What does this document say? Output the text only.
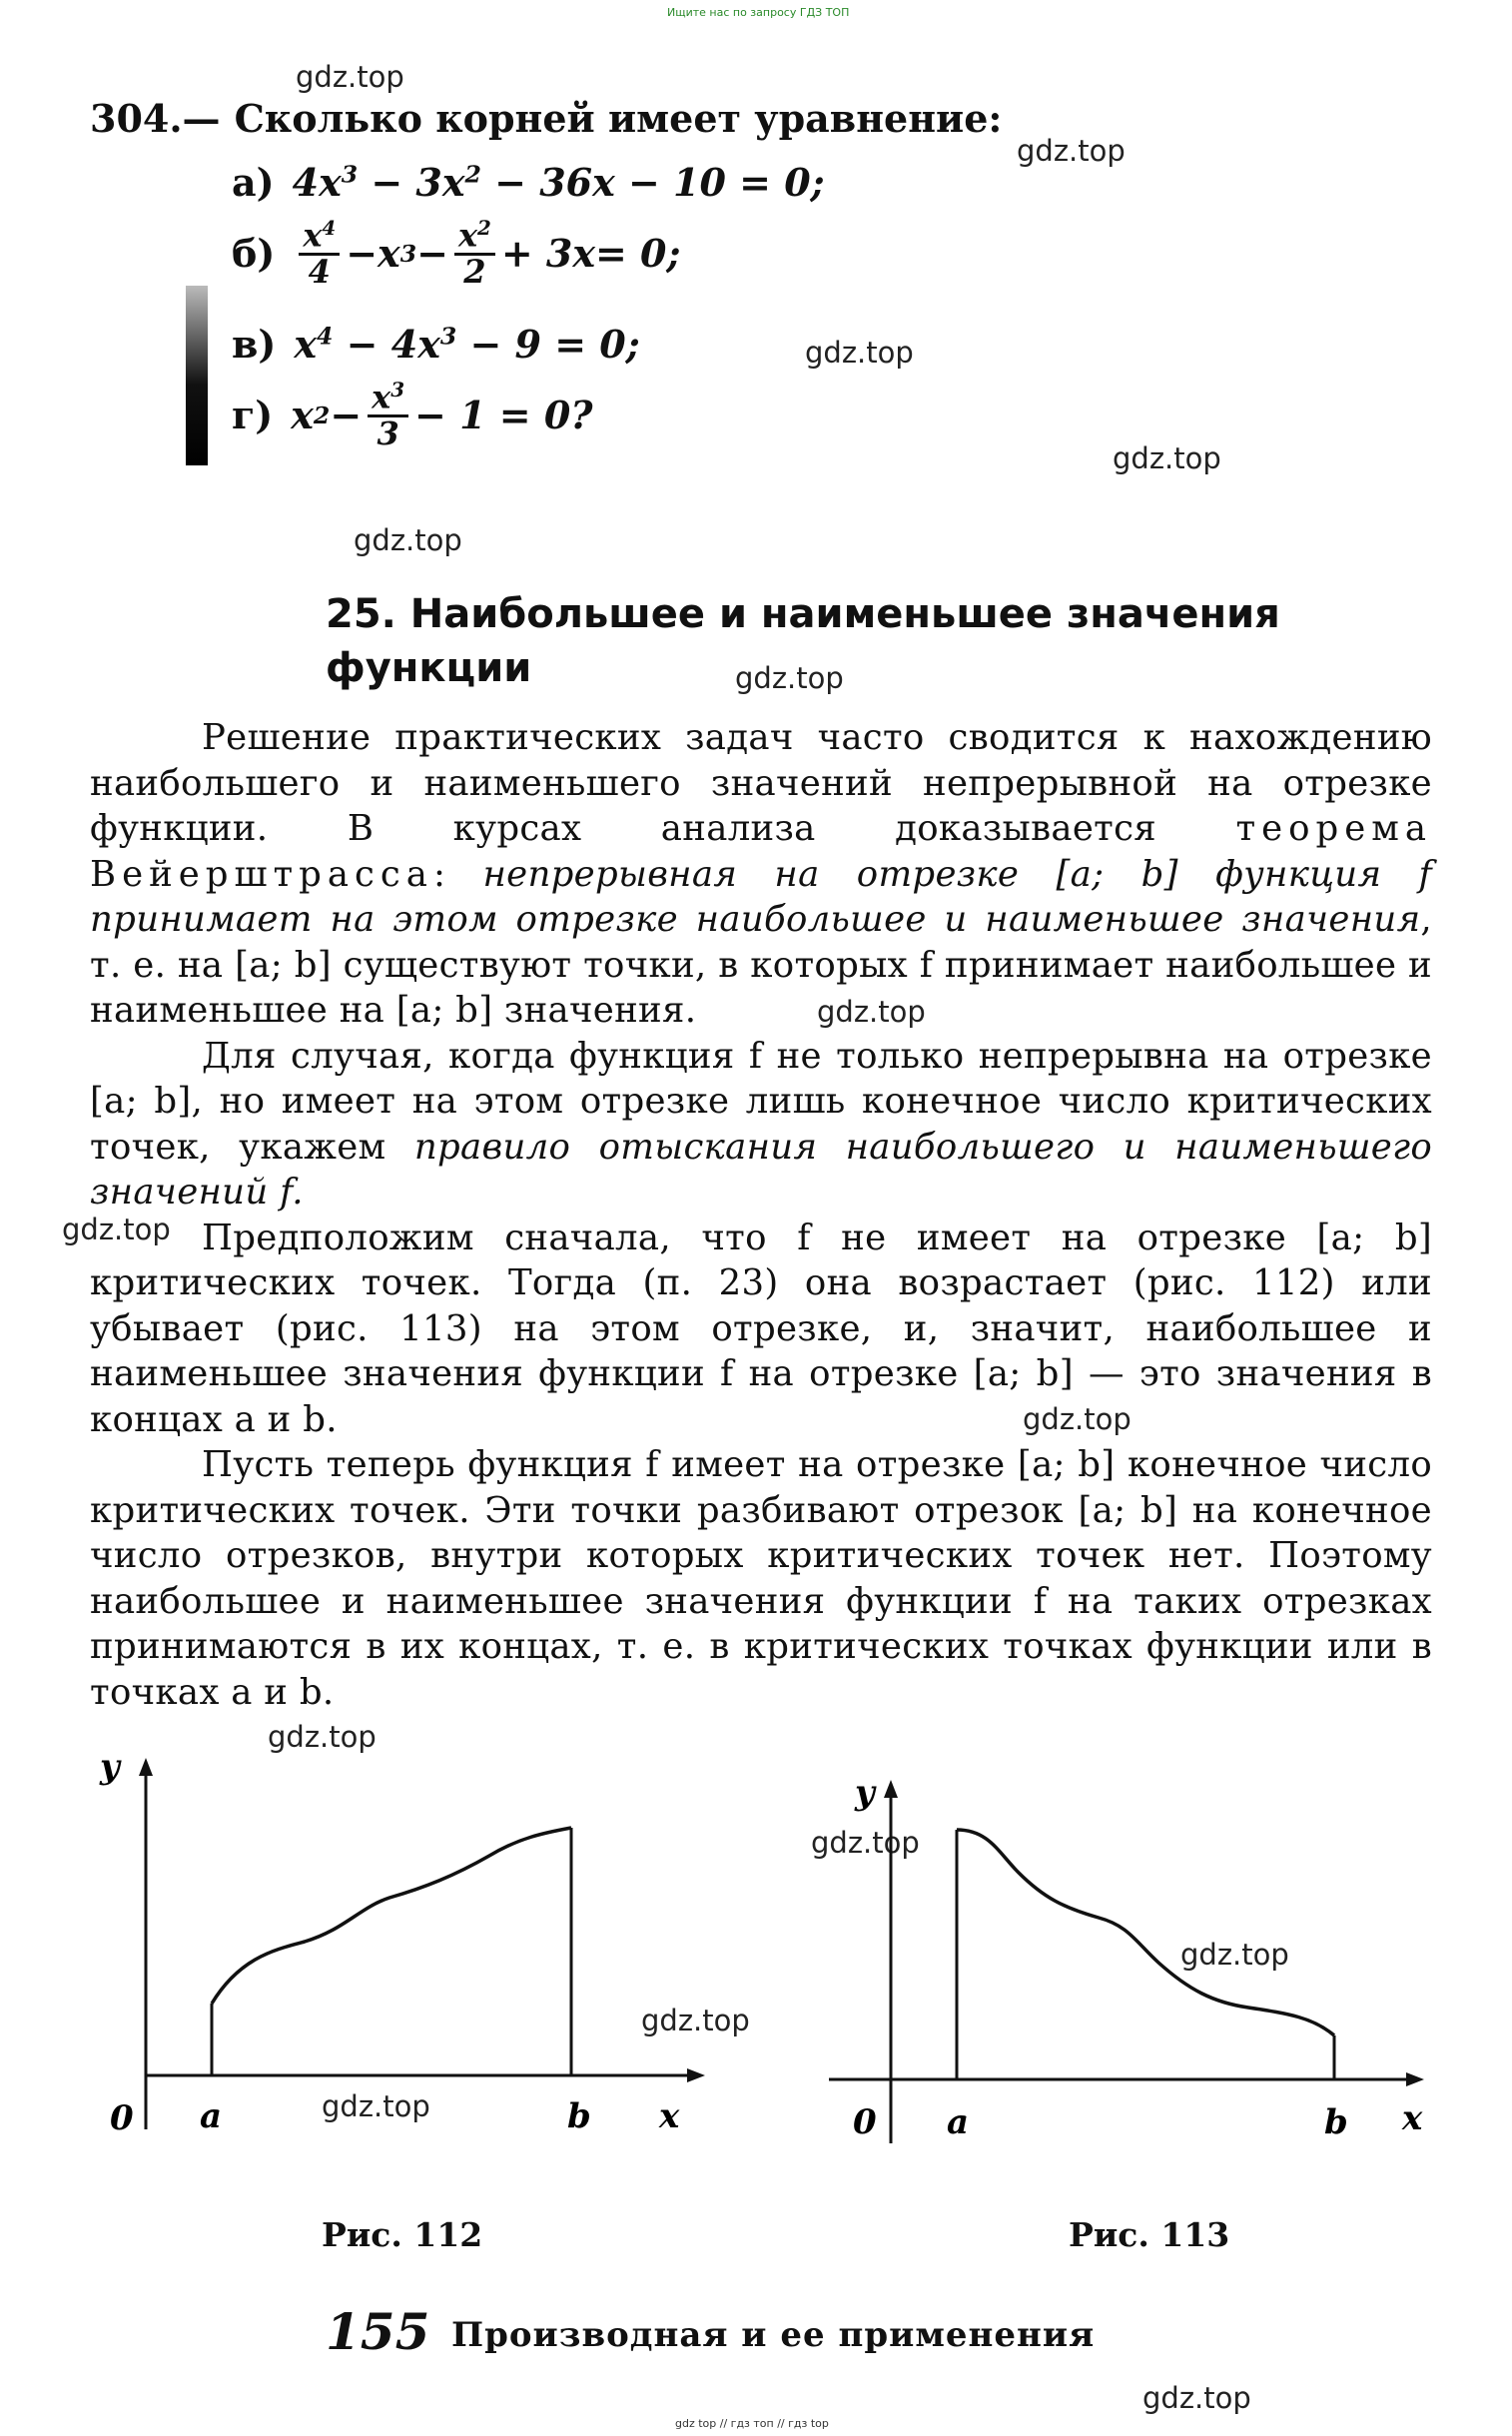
Ищите нас по запросу ГДЗ ТОП
gdz.top
gdz.top
gdz.top
gdz.top
gdz.top
gdz.top
gdz.top
gdz.top
gdz.top
gdz.top
gdz.top
gdz.top
gdz.top
gdz.top
gdz.top
304.— Сколько корней имеет уравнение:
а) $4x^3 - 3x^2 - 36x - 10 = 0$;
$б) \frac{x^4}{4} - x$ $3 - \frac{x^2}{2} + 3$ x = 0;
в) $x^4 - 4x^3 - 9 = 0$;
г) x $2 - \frac{x^3}{3} - 1 = 0$?
25. Наибольшее и наименьшее значения
функции

Решение практических задач часто сводится к нахождению наибольшего и наименьшего значений непрерывной на отрезке функции. В курсах анализа доказывается теорема Вейерштрасса: непрерывная на отрезке [a; b] функция f принимает на этом отрезке наибольшее и наименьшее значения, т. е. на [a; b] существуют точки, в которых f принимает наибольшее и наименьшее на [a; b] значения.

Для случая, когда функция f не только непрерывна на отрезке [a; b], но имеет на этом отрезке лишь конечное число критических точек, укажем правило отыскания наибольшего и наименьшего значений f.

Предположим сначала, что f не имеет на отрезке [a; b] критических точек. Тогда (п. 23) она возрастает (рис. 112) или убывает (рис. 113) на этом отрезке, и, значит, наибольшее и наименьшее значения функции f на отрезке [a; b] — это значения в концах a и b.

Пусть теперь функция f имеет на отрезке [a; b] конечное число критических точек. Эти точки разбивают отрезок [a; b] на конечное число отрезков, внутри которых критических точек нет. Поэтому наибольшее и наименьшее значения функции f на таких отрезках принимаются в их концах, т. е. в критических точках функции или в точках a и b.

y
x
0 a	b
Рис. 112
y
x
0 a	b
Рис. 113
155 Производная и ее применения
gdz top // гдз топ // гдз top
